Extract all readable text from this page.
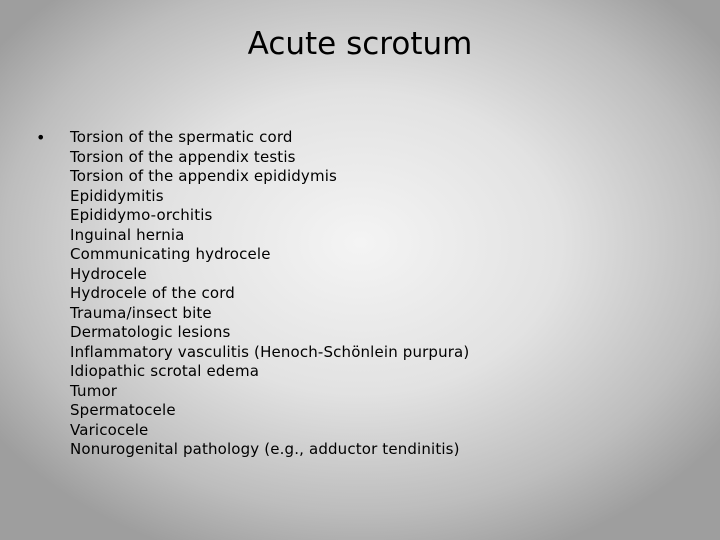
Acute scrotum
• Torsion of the spermatic cord
Torsion of the appendix testis
Torsion of the appendix epididymis
Epididymitis
Epididymo-orchitis
Inguinal hernia
Communicating hydrocele
Hydrocele
Hydrocele of the cord
Trauma/insect bite
Dermatologic lesions
Inflammatory vasculitis (Henoch-Schönlein purpura)
Idiopathic scrotal edema
Tumor
Spermatocele
Varicocele
Nonurogenital pathology (e.g., adductor tendinitis)
